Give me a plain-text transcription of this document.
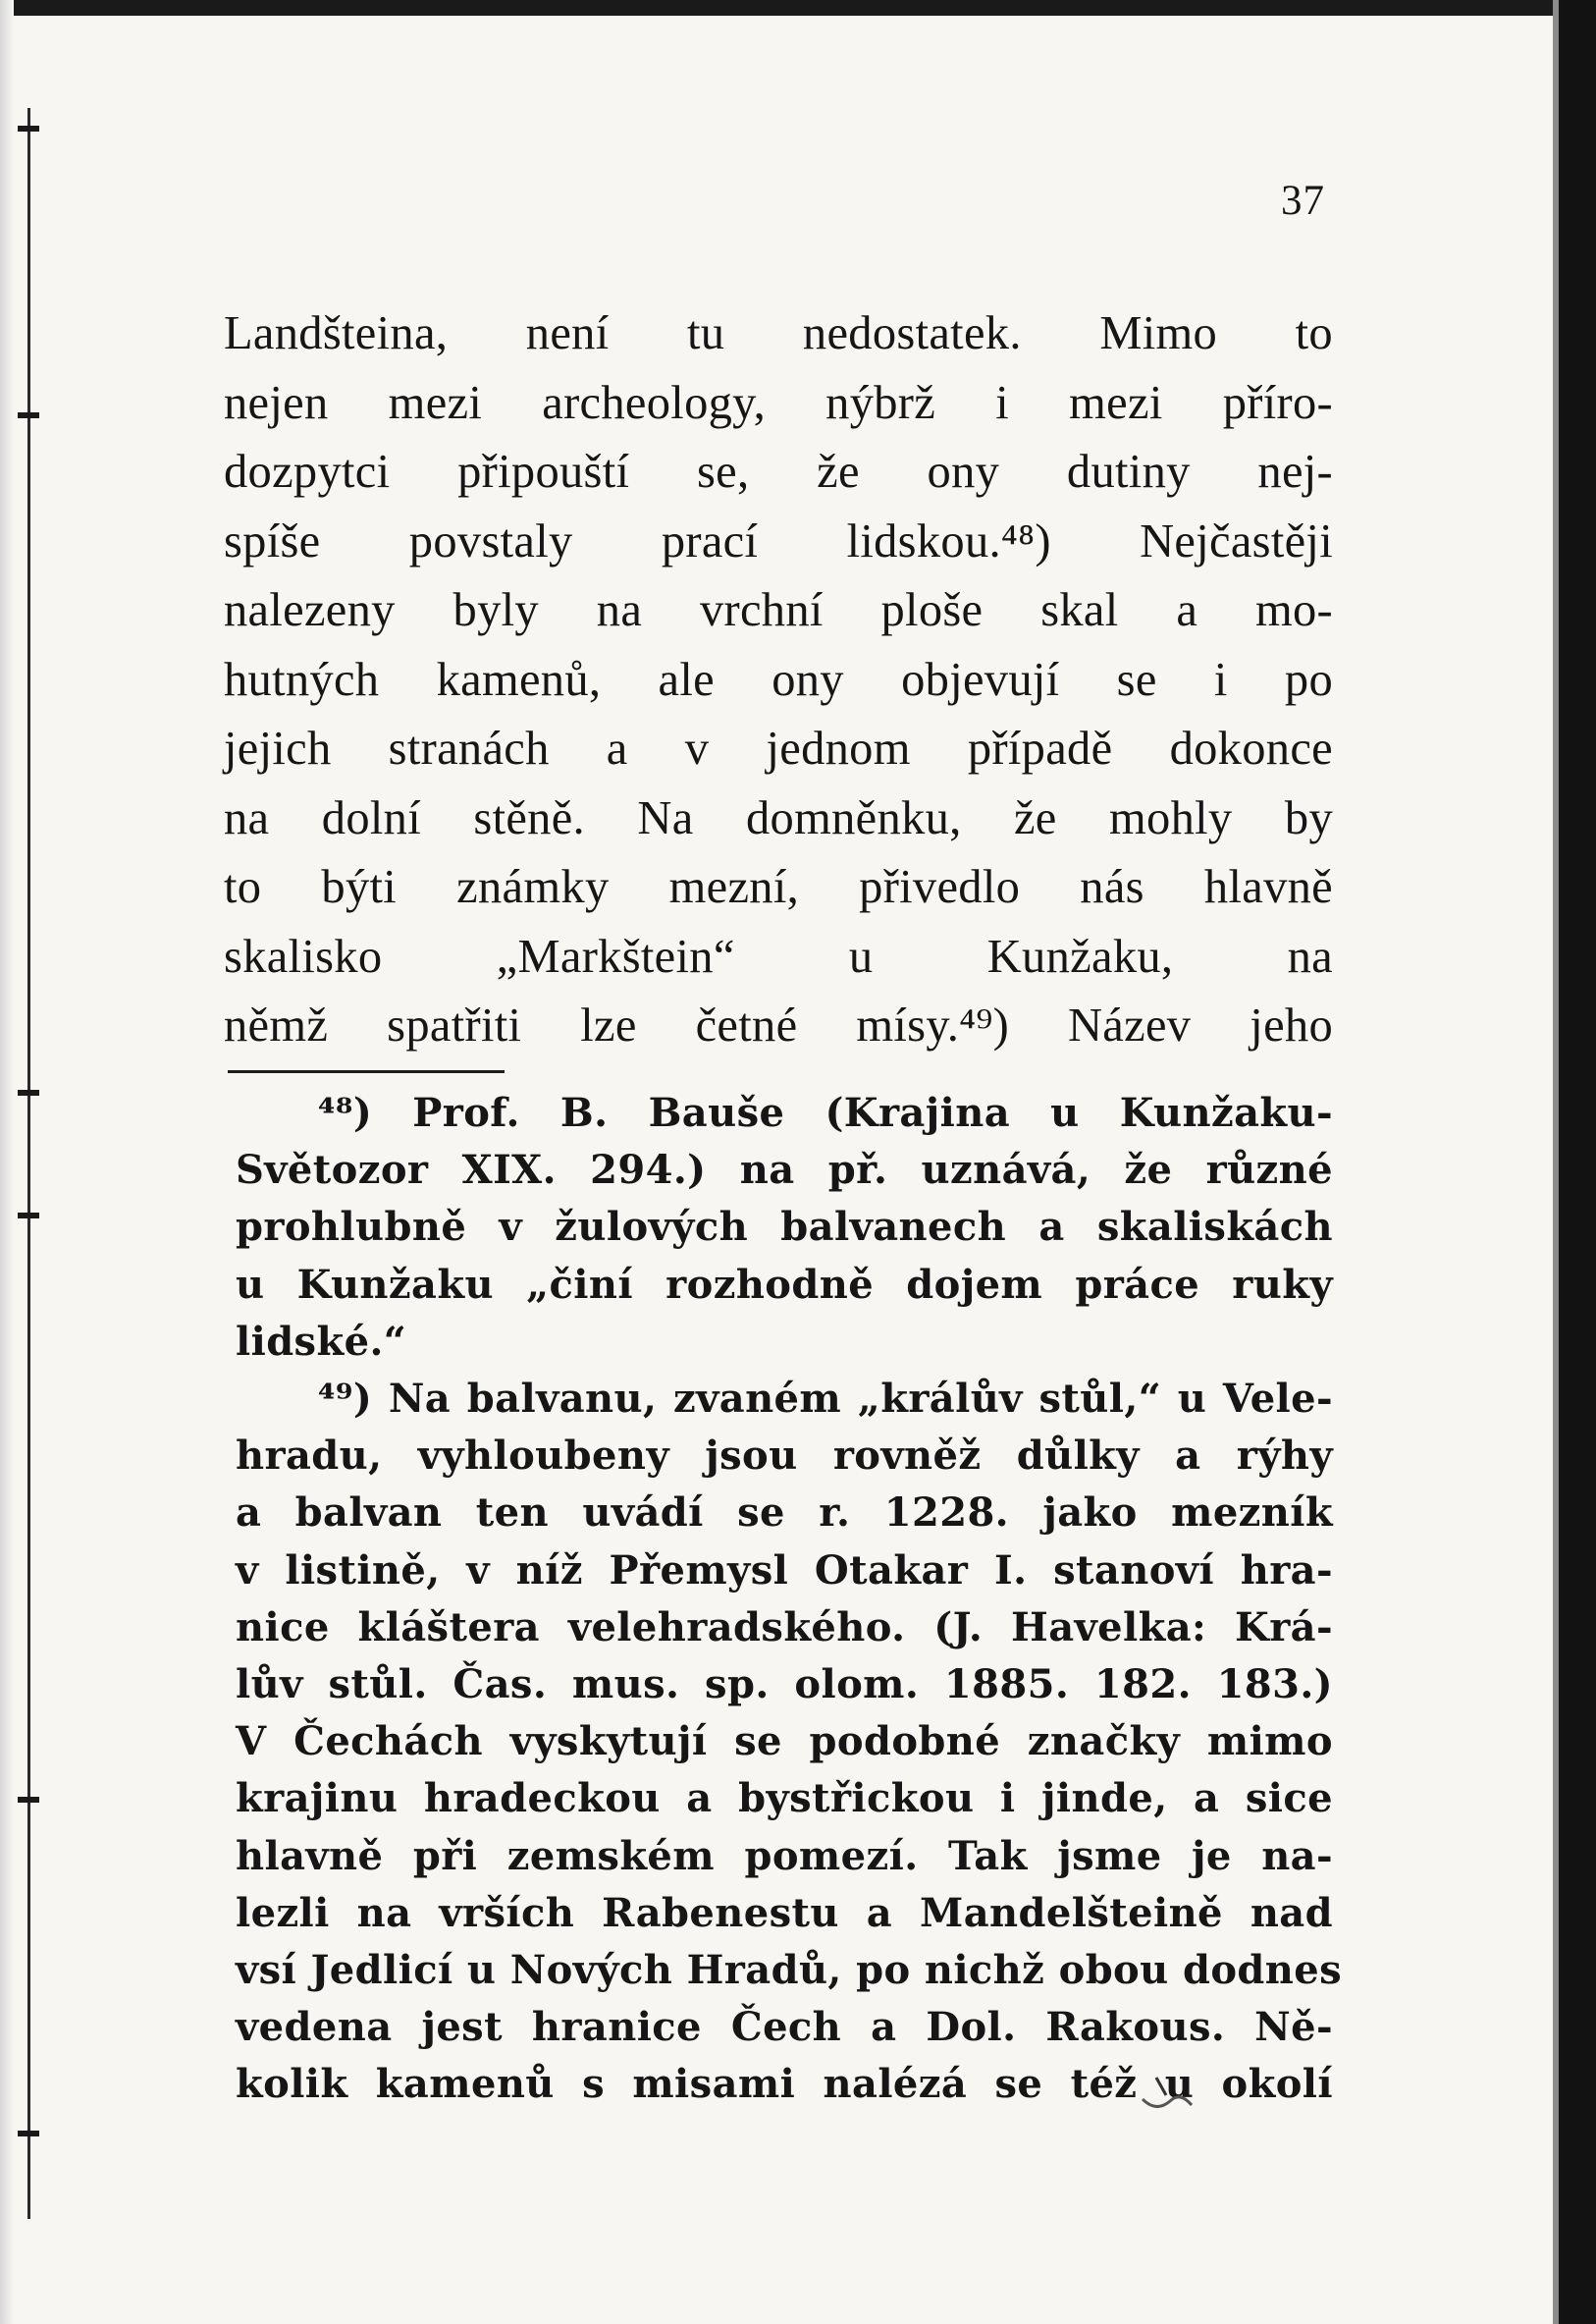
37
Landšteina, není tu nedostatek. Mimo to
nejen mezi archeology, nýbrž i mezi příro-
dozpytci připouští se, že ony dutiny nej-
spíše povstaly prací lidskou.⁴⁸) Nejčastěji
nalezeny byly na vrchní ploše skal a mo-
hutných kamenů, ale ony objevují se i po
jejich stranách a v jednom případě dokonce
na dolní stěně. Na domněnku, že mohly by
to býti známky mezní, přivedlo nás hlavně
skalisko „Markštein“ u Kunžaku, na
němž spatřiti lze četné mísy.⁴⁹) Název jeho
⁴⁸) Prof. B. Bauše (Krajina u Kunžaku-
Světozor XIX. 294.) na př. uznává, že různé
prohlubně v žulových balvanech a skaliskách
u Kunžaku „činí rozhodně dojem práce ruky
lidské.“
⁴⁹) Na balvanu, zvaném „králův stůl,“ u Vele-
hradu, vyhloubeny jsou rovněž důlky a rýhy
a balvan ten uvádí se r. 1228. jako mezník
v listině, v níž Přemysl Otakar I. stanoví hra-
nice kláštera velehradského. (J. Havelka: Krá-
lův stůl. Čas. mus. sp. olom. 1885. 182. 183.)
V Čechách vyskytují se podobné značky mimo
krajinu hradeckou a bystřickou i jinde, a sice
hlavně při zemském pomezí. Tak jsme je na-
lezli na vrších Rabenestu a Mandelšteině nad
vsí Jedlicí u Nových Hradů, po nichž obou dodnes
vedena jest hranice Čech a Dol. Rakous. Ně-
kolik kamenů s misami nalézá se též u okolí
